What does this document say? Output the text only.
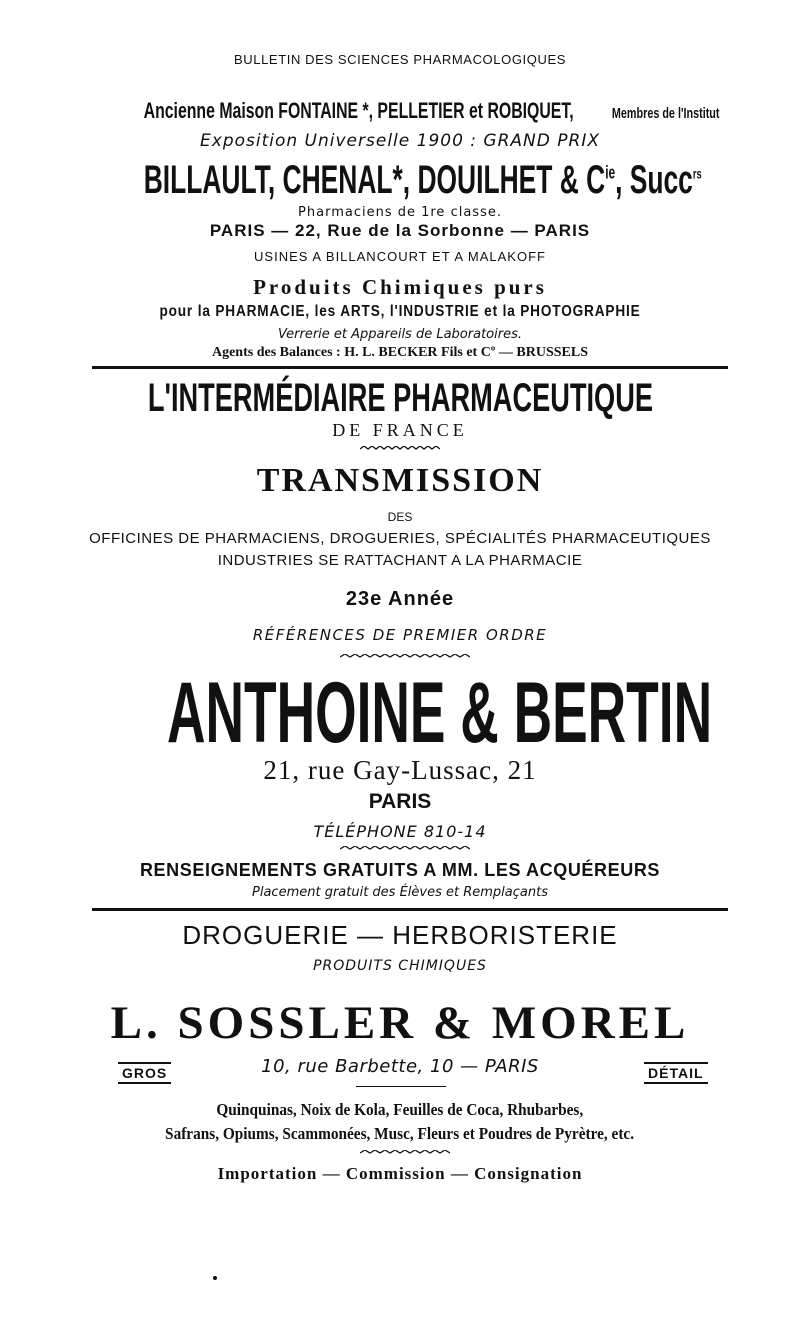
BULLETIN DES SCIENCES PHARMACOLOGIQUES
Ancienne Maison FONTAINE *, PELLETIER et ROBIQUET,	Membres de l'Institut
Exposition Universelle 1900 : GRAND PRIX
BILLAULT, CHENAL*, DOUILHET & $C^{ie}$, Succ$^{rs}$
Pharmaciens de 1re classe.
PARIS — 22, Rue de la Sorbonne — PARIS
USINES A BILLANCOURT ET A MALAKOFF
Produits Chimiques purs
pour la PHARMACIE, les ARTS, l'INDUSTRIE et la PHOTOGRAPHIE
Verrerie et Appareils de Laboratoires.
Agents des Balances : H. L. BECKER Fils et Cº — BRUSSELS
L'INTERMÉDIAIRE PHARMACEUTIQUE
DE FRANCE
TRANSMISSION
DES
OFFICINES DE PHARMACIENS, DROGUERIES, SPÉCIALITÉS PHARMACEUTIQUES
INDUSTRIES SE RATTACHANT A LA PHARMACIE
23e Année
RÉFÉRENCES DE PREMIER ORDRE
ANTHOINE & BERTIN
21, rue Gay-Lussac, 21
PARIS
TÉLÉPHONE 810-14
RENSEIGNEMENTS GRATUITS A MM. LES ACQUÉREURS
Placement gratuit des Élèves et Remplaçants
DROGUERIE — HERBORISTERIE
PRODUITS CHIMIQUES
L. SOSSLER & MOREL
GROS	10, rue Barbette, 10 — PARIS	DÉTAIL
Quinquinas, Noix de Kola, Feuilles de Coca, Rhubarbes,
Safrans, Opiums, Scammonées, Musc, Fleurs et Poudres de Pyrètre, etc.
Importation — Commission — Consignation
